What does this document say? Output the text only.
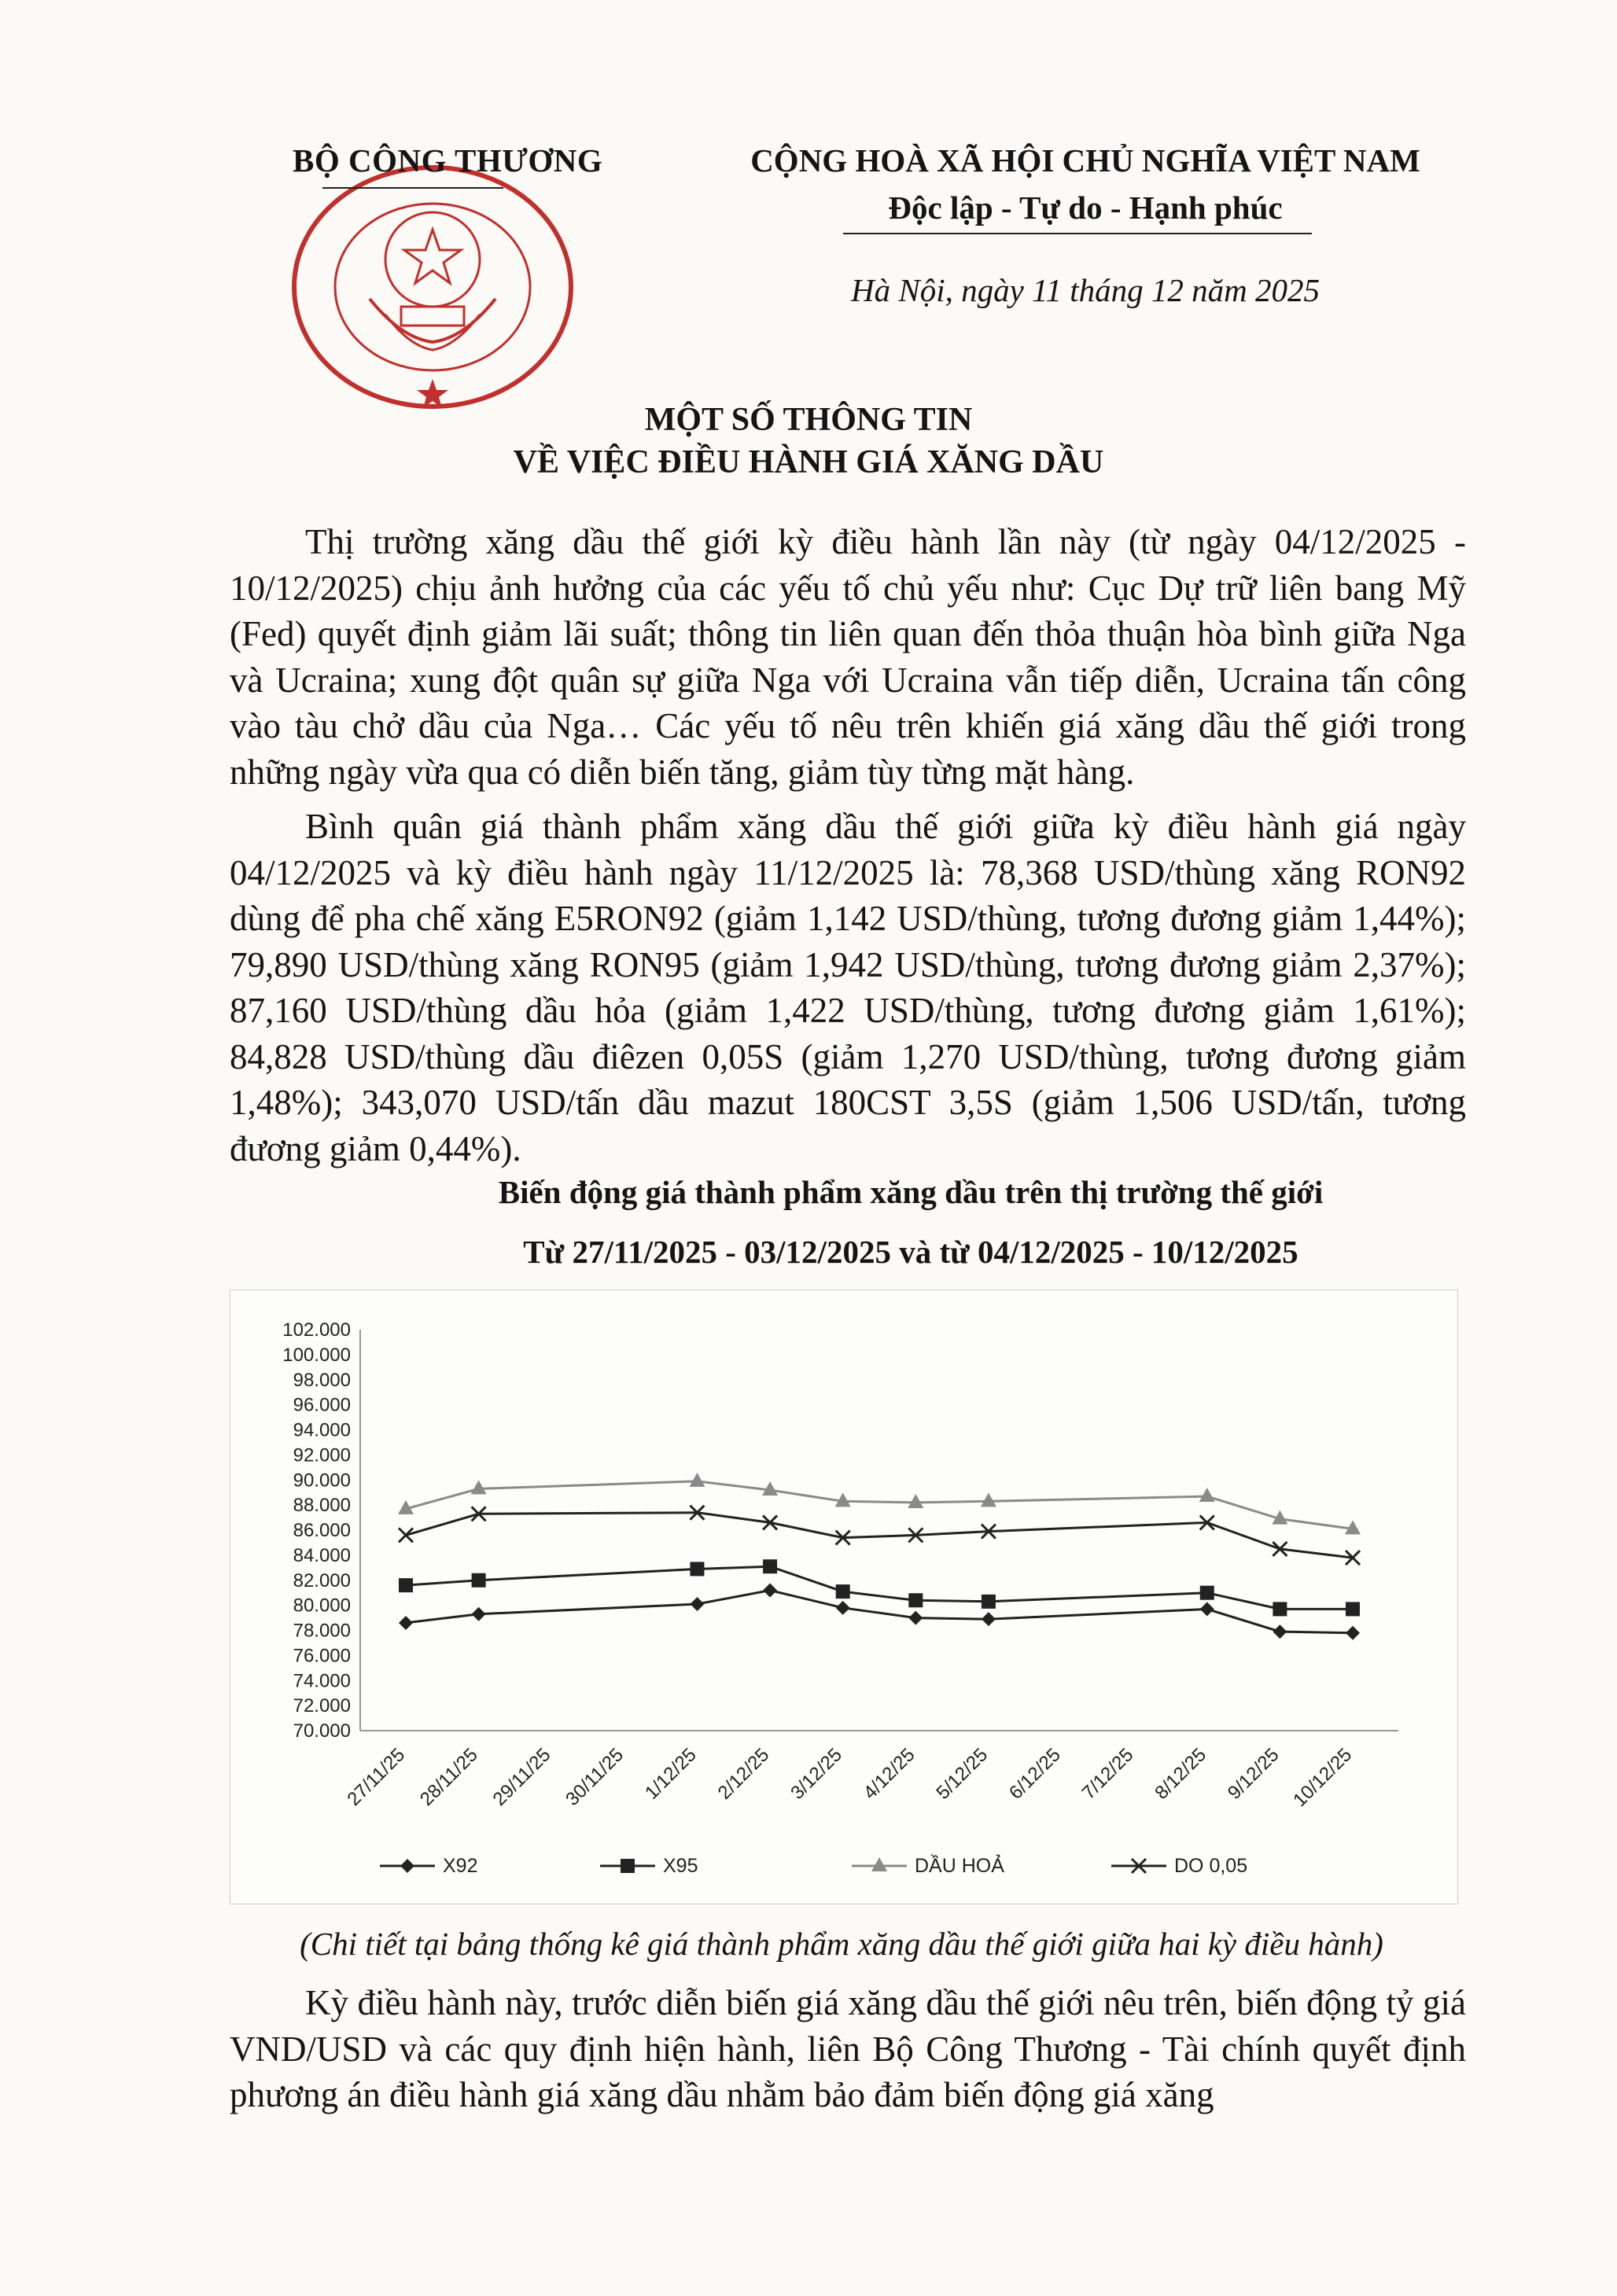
BỘ CÔNG THƯƠNG	CỘNG HOÀ XÃ HỘI CHỦ NGHĨA VIỆT NAM
Độc lập - Tự do - Hạnh phúc
Hà Nội, ngày 11 tháng 12 năm 2025
MỘT SỐ THÔNG TIN
VỀ VIỆC ĐIỀU HÀNH GIÁ XĂNG DẦU
Thị trường xăng dầu thế giới kỳ điều hành lần này (từ ngày 04/12/2025 - 10/12/2025) chịu ảnh hưởng của các yếu tố chủ yếu như: Cục Dự trữ liên bang Mỹ (Fed) quyết định giảm lãi suất; thông tin liên quan đến thỏa thuận hòa bình giữa Nga và Ucraina; xung đột quân sự giữa Nga với Ucraina vẫn tiếp diễn, Ucraina tấn công vào tàu chở dầu của Nga… Các yếu tố nêu trên khiến giá xăng dầu thế giới trong những ngày vừa qua có diễn biến tăng, giảm tùy từng mặt hàng.
Bình quân giá thành phẩm xăng dầu thế giới giữa kỳ điều hành giá ngày 04/12/2025 và kỳ điều hành ngày 11/12/2025 là: 78,368 USD/thùng xăng RON92 dùng để pha chế xăng E5RON92 (giảm 1,142 USD/thùng, tương đương giảm 1,44%); 79,890 USD/thùng xăng RON95 (giảm 1,942 USD/thùng, tương đương giảm 2,37%); 87,160 USD/thùng dầu hỏa (giảm 1,422 USD/thùng, tương đương giảm 1,61%); 84,828 USD/thùng dầu điêzen 0,05S (giảm 1,270 USD/thùng, tương đương giảm 1,48%); 343,070 USD/tấn dầu mazut 180CST 3,5S (giảm 1,506 USD/tấn, tương đương giảm 0,44%).
Biến động giá thành phẩm xăng dầu trên thị trường thế giới
Từ 27/11/2025 - 03/12/2025 và từ 04/12/2025 - 10/12/2025
70.000
72.000
74.000
76.000
78.000
80.000
82.000
84.000
86.000
88.000
90.000
92.000
94.000
96.000
98.000
100.000
102.000
27/11/25 28/11/25 29/11/25 30/11/25 1/12/25 2/12/25 3/12/25 4/12/25 5/12/25 6/12/25 7/12/25 8/12/25 9/12/25 10/12/25
X92	X95	DẦU HOẢ	DO 0,05
(Chi tiết tại bảng thống kê giá thành phẩm xăng dầu thế giới giữa hai kỳ điều hành)
Kỳ điều hành này, trước diễn biến giá xăng dầu thế giới nêu trên, biến động tỷ giá VND/USD và các quy định hiện hành, liên Bộ Công Thương - Tài chính quyết định phương án điều hành giá xăng dầu nhằm bảo đảm biến động giá xăng
